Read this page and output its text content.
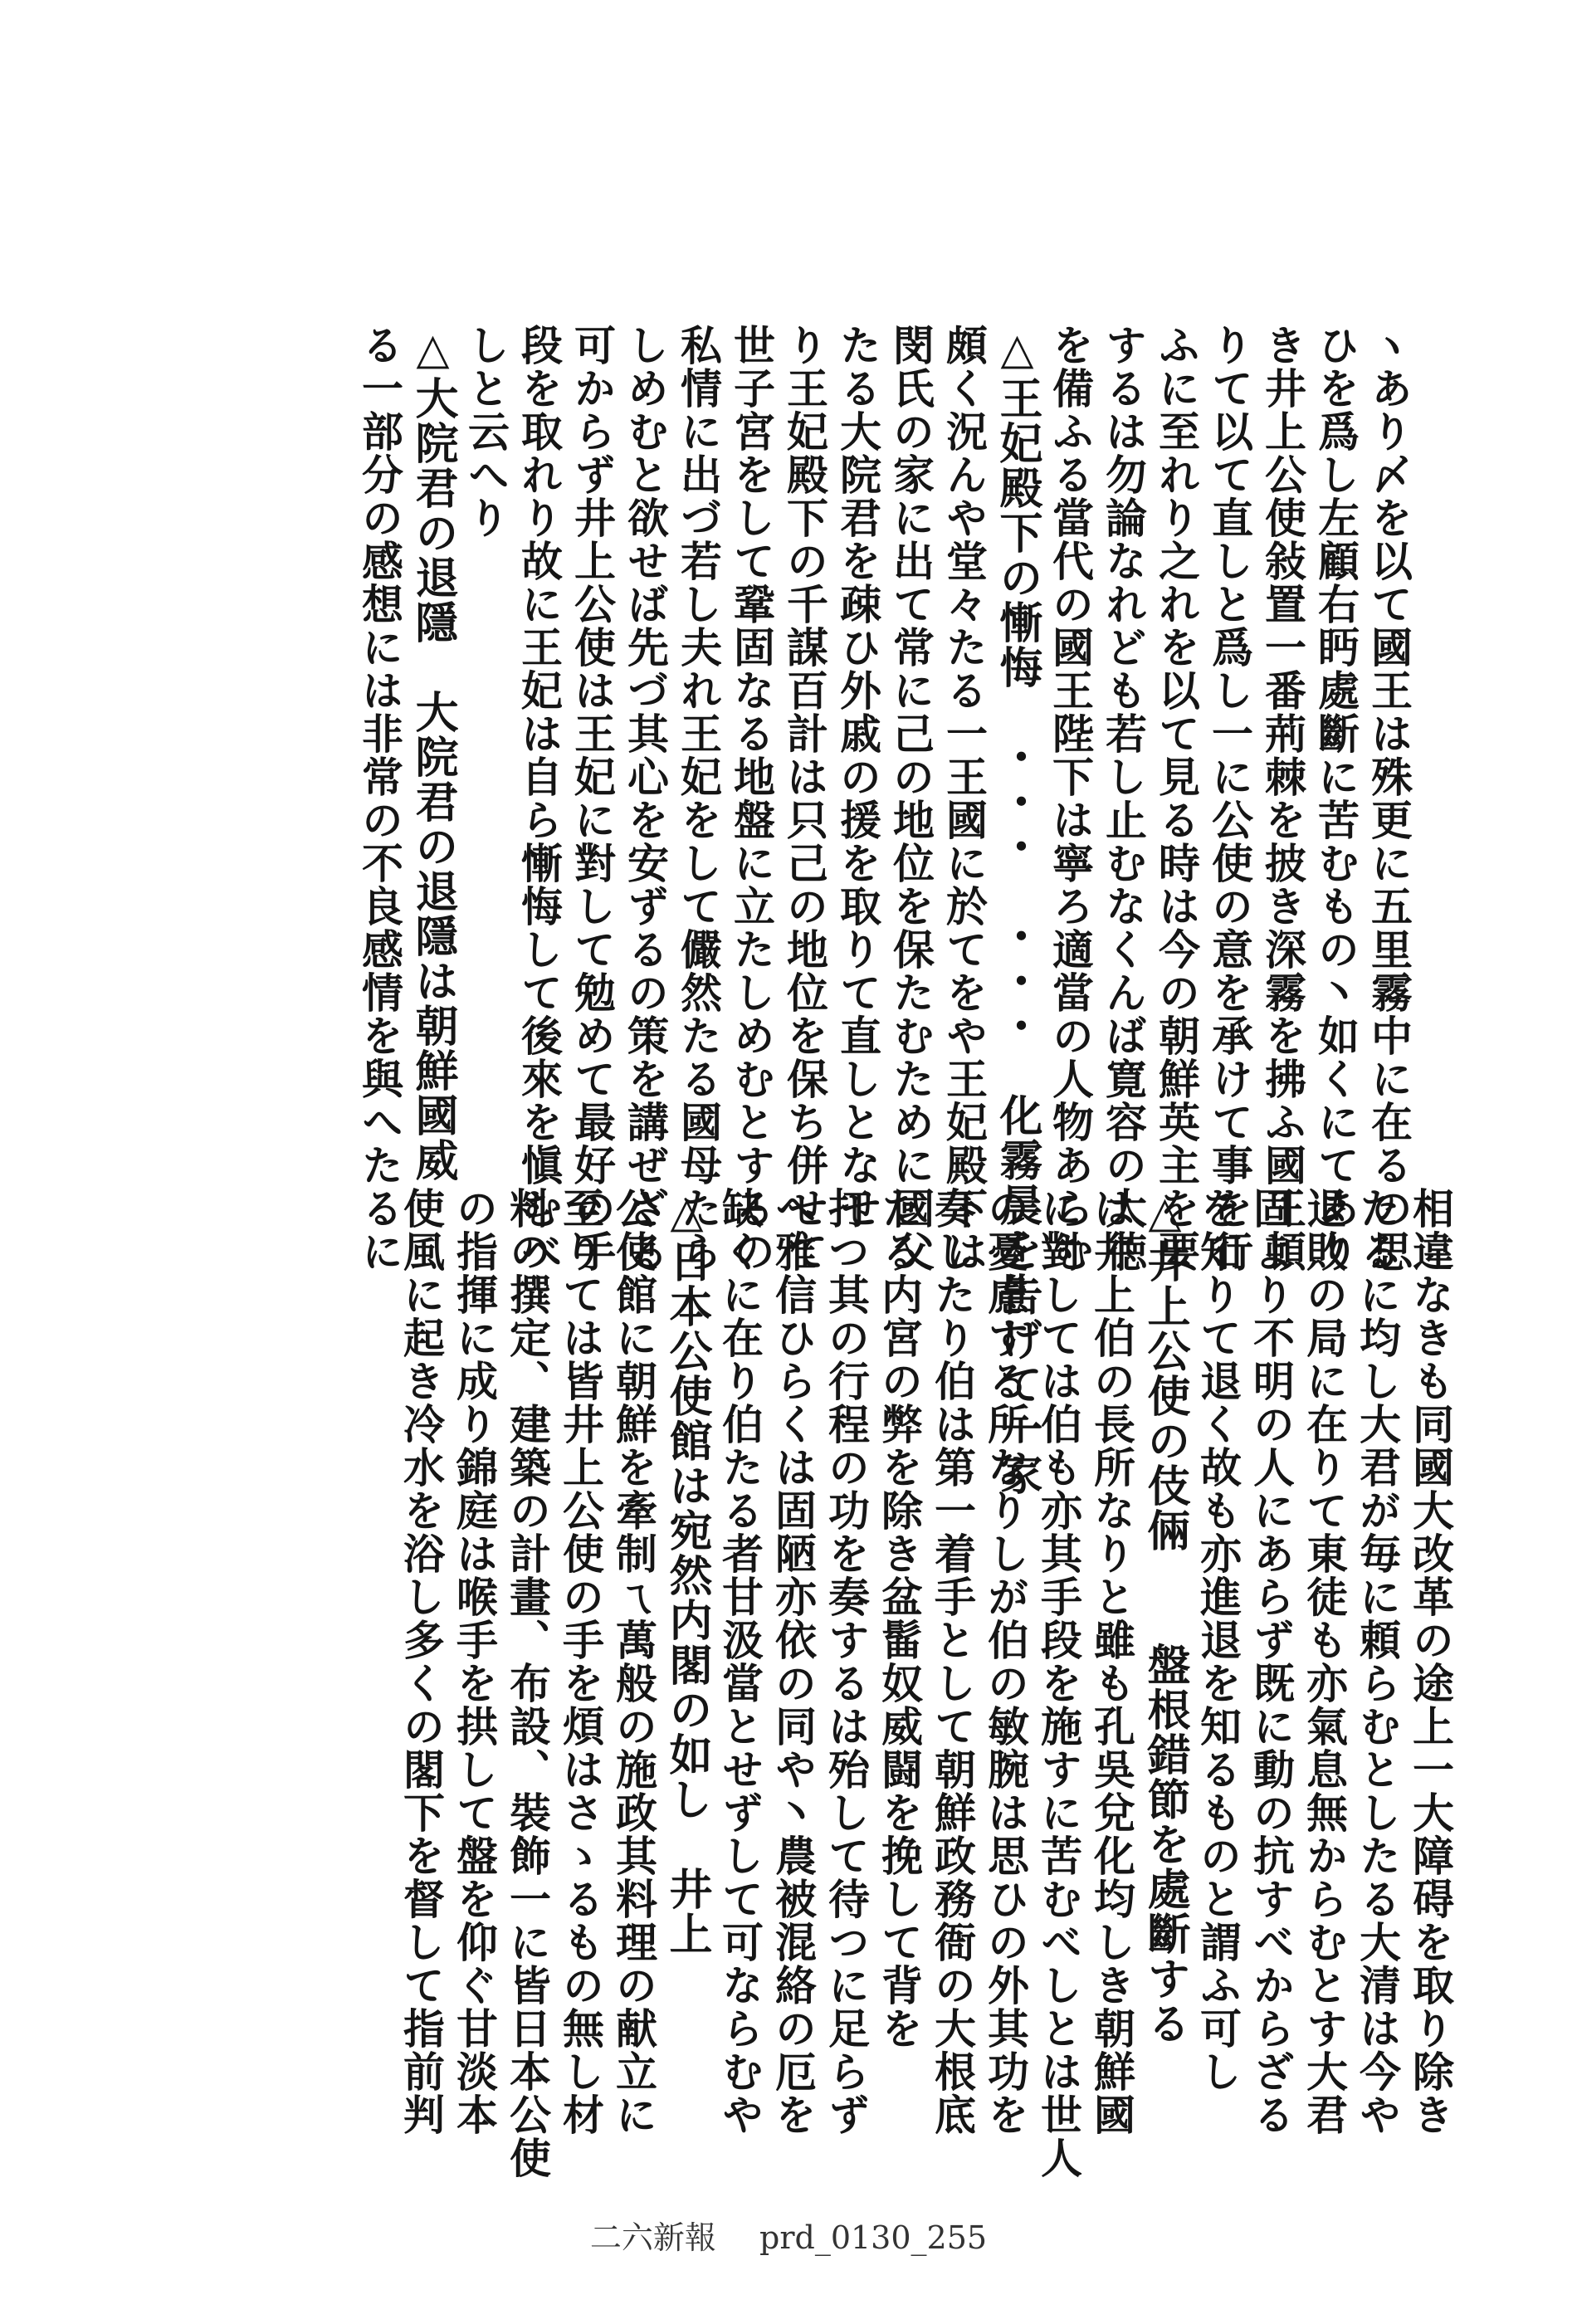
ヽあり〆を以て國王は殊更に五里霧中に在るの思
ひを爲し左顧右眄處斷に苦むもの丶如くにてあり
き井上公使敍置一番荊棘を披き深霧を拂ふ國王頓
りて以て直しと爲し一に公使の意を承けて事を行
ふに至れり之れを以て見る時は今の朝鮮英主を要
するは勿論なれども若し止むなくんば寛容の大徳
を備ふる當代の國王陛下は寧ろ適當の人物あらむ
△王妃殿下の慚悔　・・・　・・・　化霧晨を告げて一家
頗く況んや堂々たる一王國に於てをや王妃殿下は
閔氏の家に出て常に己の地位を保たむために國父
たる大院君を疎ひ外戚の援を取りて直しとなせ
り王妃殿下の千謀百計は只己の地位を保ち併せて
世子宮をして鞏固なる地盤に立たしめむとするの
私情に出づ若し夫れ王妃をして儼然たる國母たら
しめむと欲せば先づ其心を安ずるの策を講ぜざる
可からず井上公使は王妃に對して勉めて最好の手
段を取れり故に王妃は自ら慚悔して後來を愼むべ
しと云へり
△大院君の退隱　大院君の退隱は朝鮮國威
る一部分の感想には非常の不良感情を與へたるに
相違なきも同國大改革の途上一大障碍を取り除き
たるに均し大君が毎に頼らむとしたる大清は今や
退敗の局に在りて東徒も亦氣息無からむとす大君
固より不明の人にあらず既に動の抗すべからざる
を知りて退く故も亦進退を知るものと謂ふ可し
△井上公使の伎倆　　盤根錯節を處斷する
は井上伯の長所なりと雖も孔吳兌化均しき朝鮮國
に對しては伯も亦其手段を施すに苦むべしとは世人
の憂慮する所なりしが伯の敏腕は思ひの外其功を
奏したり伯は第一着手として朝鮮政務衙の大根底
たる内宮の弊を除き盆髷奴威闘を挽して背を
打つ其の行程の功を奏するは殆して待つに足らず
へ雅信ひらくは固陋亦依の同や丶農被混絡の厄を
缺くに在り伯たる者甘汲當とせずして可ならむや
△日本公使館は宛然内閣の如し　井上
公使館に朝鮮を牽制ㄟ萬般の施政其料理の献立に
至りては皆井上公使の手を煩はさゝるもの無し材
料の撰定、建築の計畫、布設、裝飾一に皆日本公使
の指揮に成り錦庭は喉手を拱して盤を仰ぐ甘淡本
使風に起き冷水を浴し多くの閣下を督して指前判
二六新報 prd_0130_255
